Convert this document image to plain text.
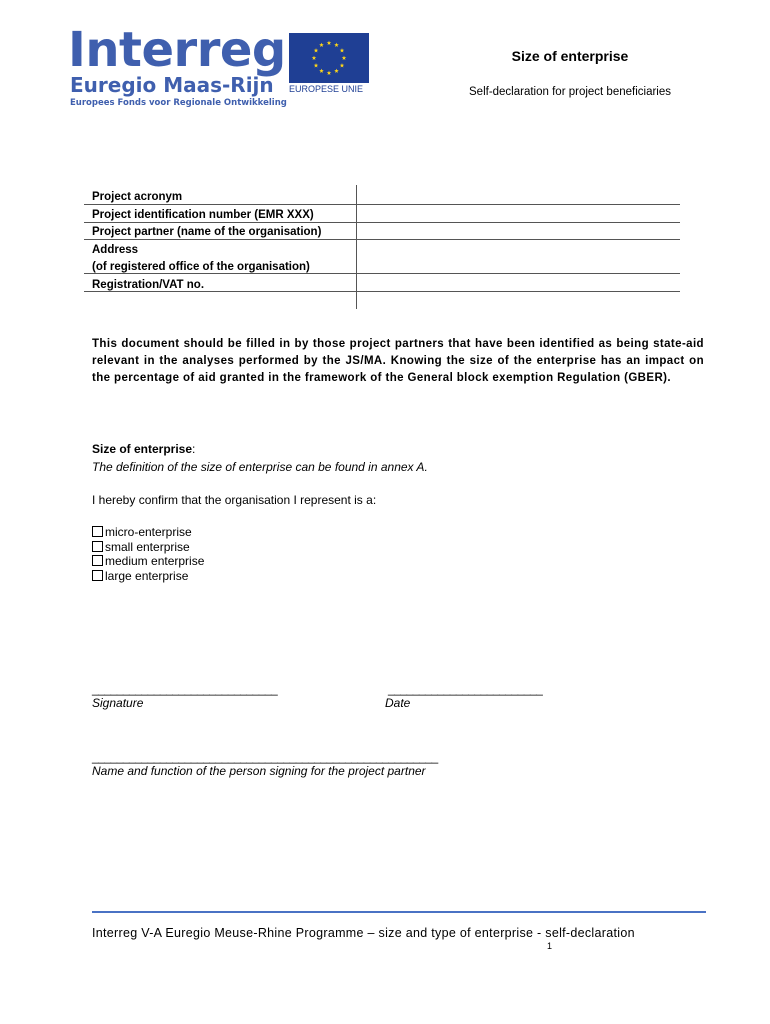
Interreg
Euregio Maas-Rijn
Europees Fonds voor Regionale Ontwikkeling
EUROPESE UNIE
Size of enterprise
Self-declaration for project beneficiaries
Project acronym
Project identification number (EMR XXX)
Project partner (name of the organisation)
Address
(of registered office of the organisation)
Registration/VAT no.
This document should be filled in by those project partners that have been identified as being state-aid relevant in the analyses performed by the JS/MA. Knowing the size of the enterprise has an impact on the percentage of aid granted in the framework of the General block exemption Regulation (GBER).
Size of enterprise:
The definition of the size of enterprise can be found in annex A.
I hereby confirm that the organisation I represent is a:
micro-enterprise
small enterprise
medium enterprise
large enterprise
______________________________
Signature
_________________________
Date
________________________________________________________
Name and function of the person signing for the project partner
Interreg V-A Euregio Meuse-Rhine Programme – size and type of enterprise - self-declaration
1
